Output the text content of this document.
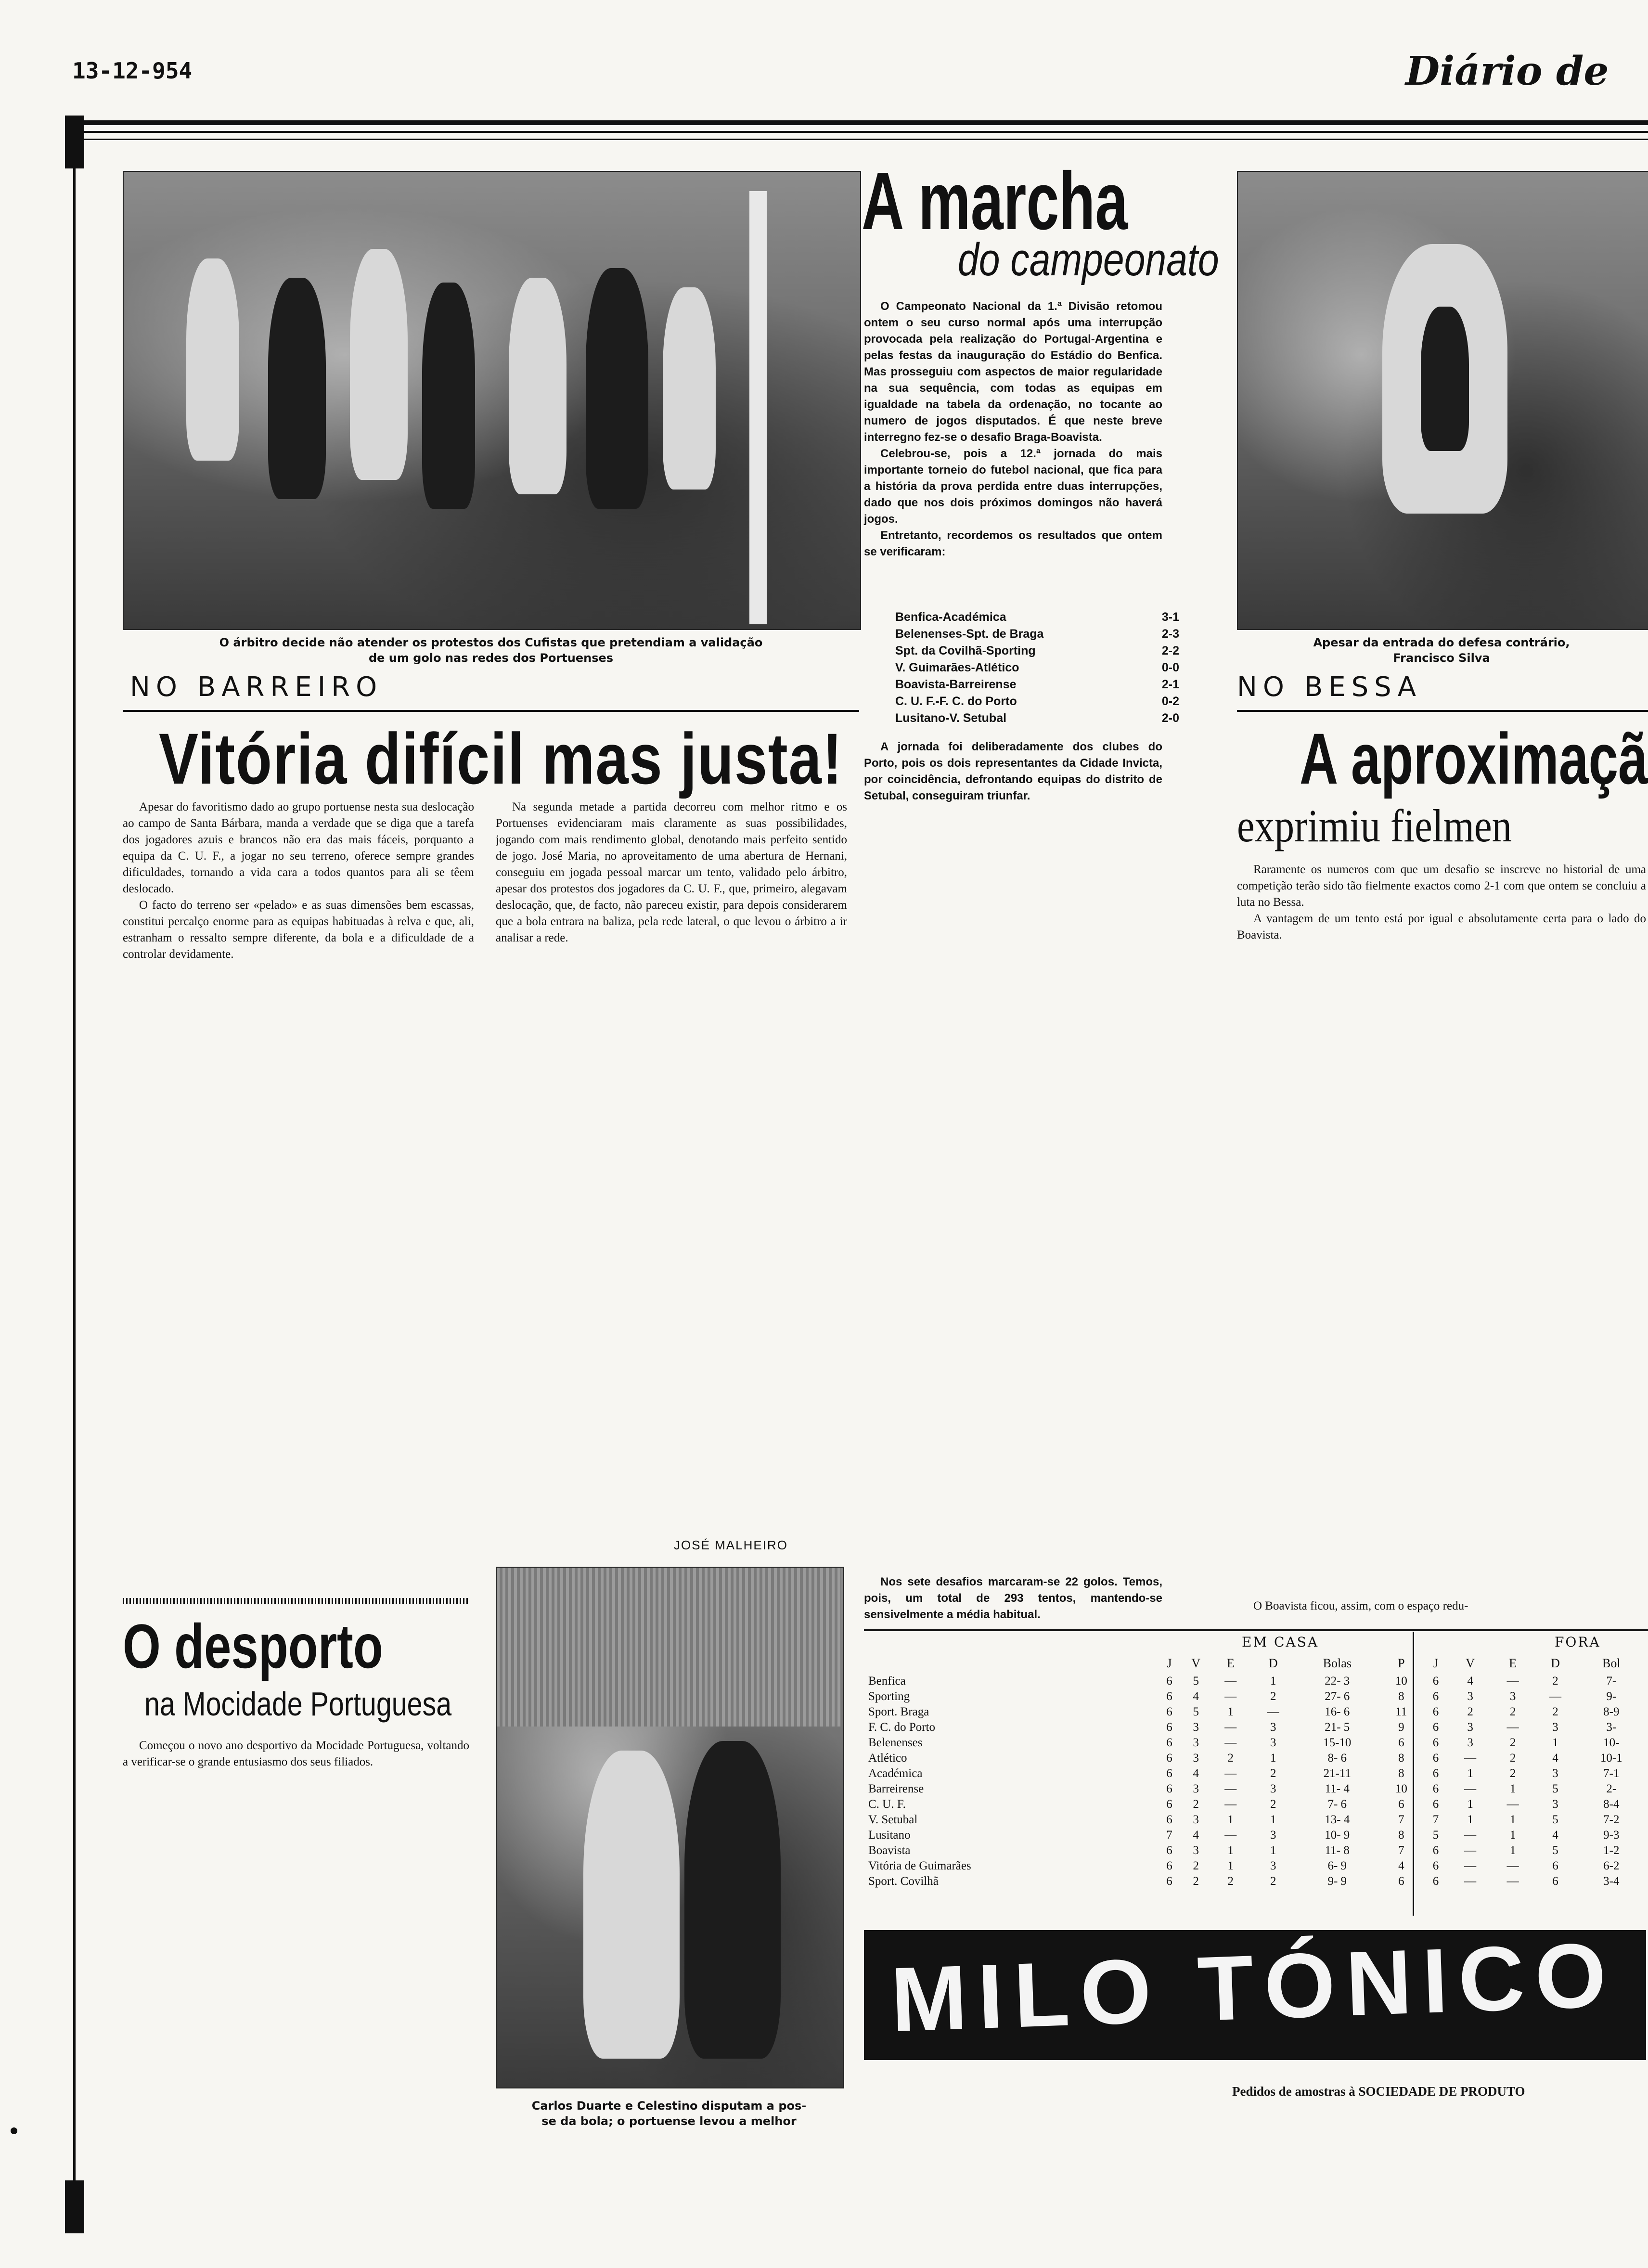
13-12-954	Diário de
O árbitro decide não atender os protestos dos Cufistas que pretendiam a validação
de um golo nas redes dos Portuenses
NO BARREIRO
Vitória difícil mas justa!

Apesar do favoritismo dado ao grupo portuense nesta sua deslocação ao campo de Santa Bárbara, manda a verdade que se diga que a tarefa dos jogadores azuis e brancos não era das mais fáceis, porquanto a equipa da C. U. F., a jogar no seu terreno, oferece sempre grandes dificuldades, tornando a vida cara a todos quantos para ali se têem deslocado.

O facto do terreno ser «pelado» e as suas dimensões bem escassas, constitui percalço enorme para as equipas habituadas à relva e que, ali, estranham o ressalto sempre diferente, da bola e a dificuldade de a controlar devidamente.

Na segunda metade a partida decorreu com melhor ritmo e os Portuenses evidenciaram mais claramente as suas possibilidades, jogando com mais rendimento global, denotando mais perfeito sentido de jogo. José Maria, no aproveitamento de uma abertura de Hernani, conseguiu em jogada pessoal marcar um tento, validado pelo árbitro, apesar dos protestos dos jogadores da C. U. F., que, primeiro, alegavam deslocação, que, de facto, não pareceu existir, para depois considerarem que a bola entrara na baliza, pela rede lateral, o que levou o árbitro a ir analisar a rede.

JOSÉ MALHEIRO
O desporto
na Mocidade Portuguesa

Começou o novo ano desportivo da Mocidade Portuguesa, voltando a verificar-se o grande entusiasmo dos seus filiados.

Carlos Duarte e Celestino disputam a pos-
se da bola; o portuense levou a melhor
A marcha
do campeonato

O Campeonato Nacional da 1.ª Divisão retomou ontem o seu curso normal após uma interrupção provocada pela realização do Portugal-Argentina e pelas festas da inauguração do Estádio do Benfica. Mas prosseguiu com aspectos de maior regularidade na sua sequência, com todas as equipas em igualdade na tabela da ordenação, no tocante ao numero de jogos disputados. É que neste breve interregno fez-se o desafio Braga-Boavista.

Celebrou-se, pois a 12.ª jornada do mais importante torneio do futebol nacional, que fica para a história da prova perdida entre duas interrupções, dado que nos dois próximos domingos não haverá jogos.

Entretanto, recordemos os resultados que ontem se verificaram:

Benfica-Académica	3-1
Belenenses-Spt. de Braga	2-3
Spt. da Covilhã-Sporting	2-2
V. Guimarães-Atlético	0-0
Boavista-Barreirense	2-1
C. U. F.-F. C. do Porto	0-2
Lusitano-V. Setubal	2-0

A jornada foi deliberadamente dos clubes do Porto, pois os dois representantes da Cidade Invicta, por coincidência, defrontando equipas do distrito de Setubal, conseguiram triunfar.

Nos sete desafios marcaram-se 22 golos. Temos, pois, um total de 293 tentos, mantendo-se sensivelmente a média habitual.

Apesar da entrada do defesa contrário,
Francisco Silva
NO BESSA
A aproximaçã
exprimiu fielmen

Raramente os numeros com que um desafio se inscreve no historial de uma competição terão sido tão fielmente exactos como 2-1 com que ontem se concluiu a luta no Bessa.

A vantagem de um tento está por igual e absolutamente certa para o lado do Boavista.

O Boavista ficou, assim, com o espaço redu-

EM CASA	FORA
	J	V	E	D	Bolas	P	J	V	E	D	Bol
Benfica	6	5	—	1	22- 3	10	6	4	—	2	7-
Sporting	6	4	—	2	27- 6	8	6	3	3	—	9-
Sport. Braga	6	5	1	—	16- 6	11	6	2	2	2	8-9
F. C. do Porto	6	3	—	3	21- 5	9	6	3	—	3	3-
Belenenses	6	3	—	3	15-10	6	6	3	2	1	10-
Atlético	6	3	2	1	8- 6	8	6	—	2	4	10-1
Académica	6	4	—	2	21-11	8	6	1	2	3	7-1
Barreirense	6	3	—	3	11- 4	10	6	—	1	5	2-
C. U. F.	6	2	—	2	7- 6	6	6	1	—	3	8-4
V. Setubal	6	3	1	1	13- 4	7	7	1	1	5	7-2
Lusitano	7	4	—	3	10- 9	8	5	—	1	4	9-3
Boavista	6	3	1	1	11- 8	7	6	—	1	5	1-2
Vitória de Guimarães	6	2	1	3	6- 9	4	6	—	—	6	6-2
Sport. Covilhã	6	2	2	2	9- 9	6	6	—	—	6	3-4
MILO TÓNICO
Pedidos de amostras à SOCIEDADE DE PRODUTO
